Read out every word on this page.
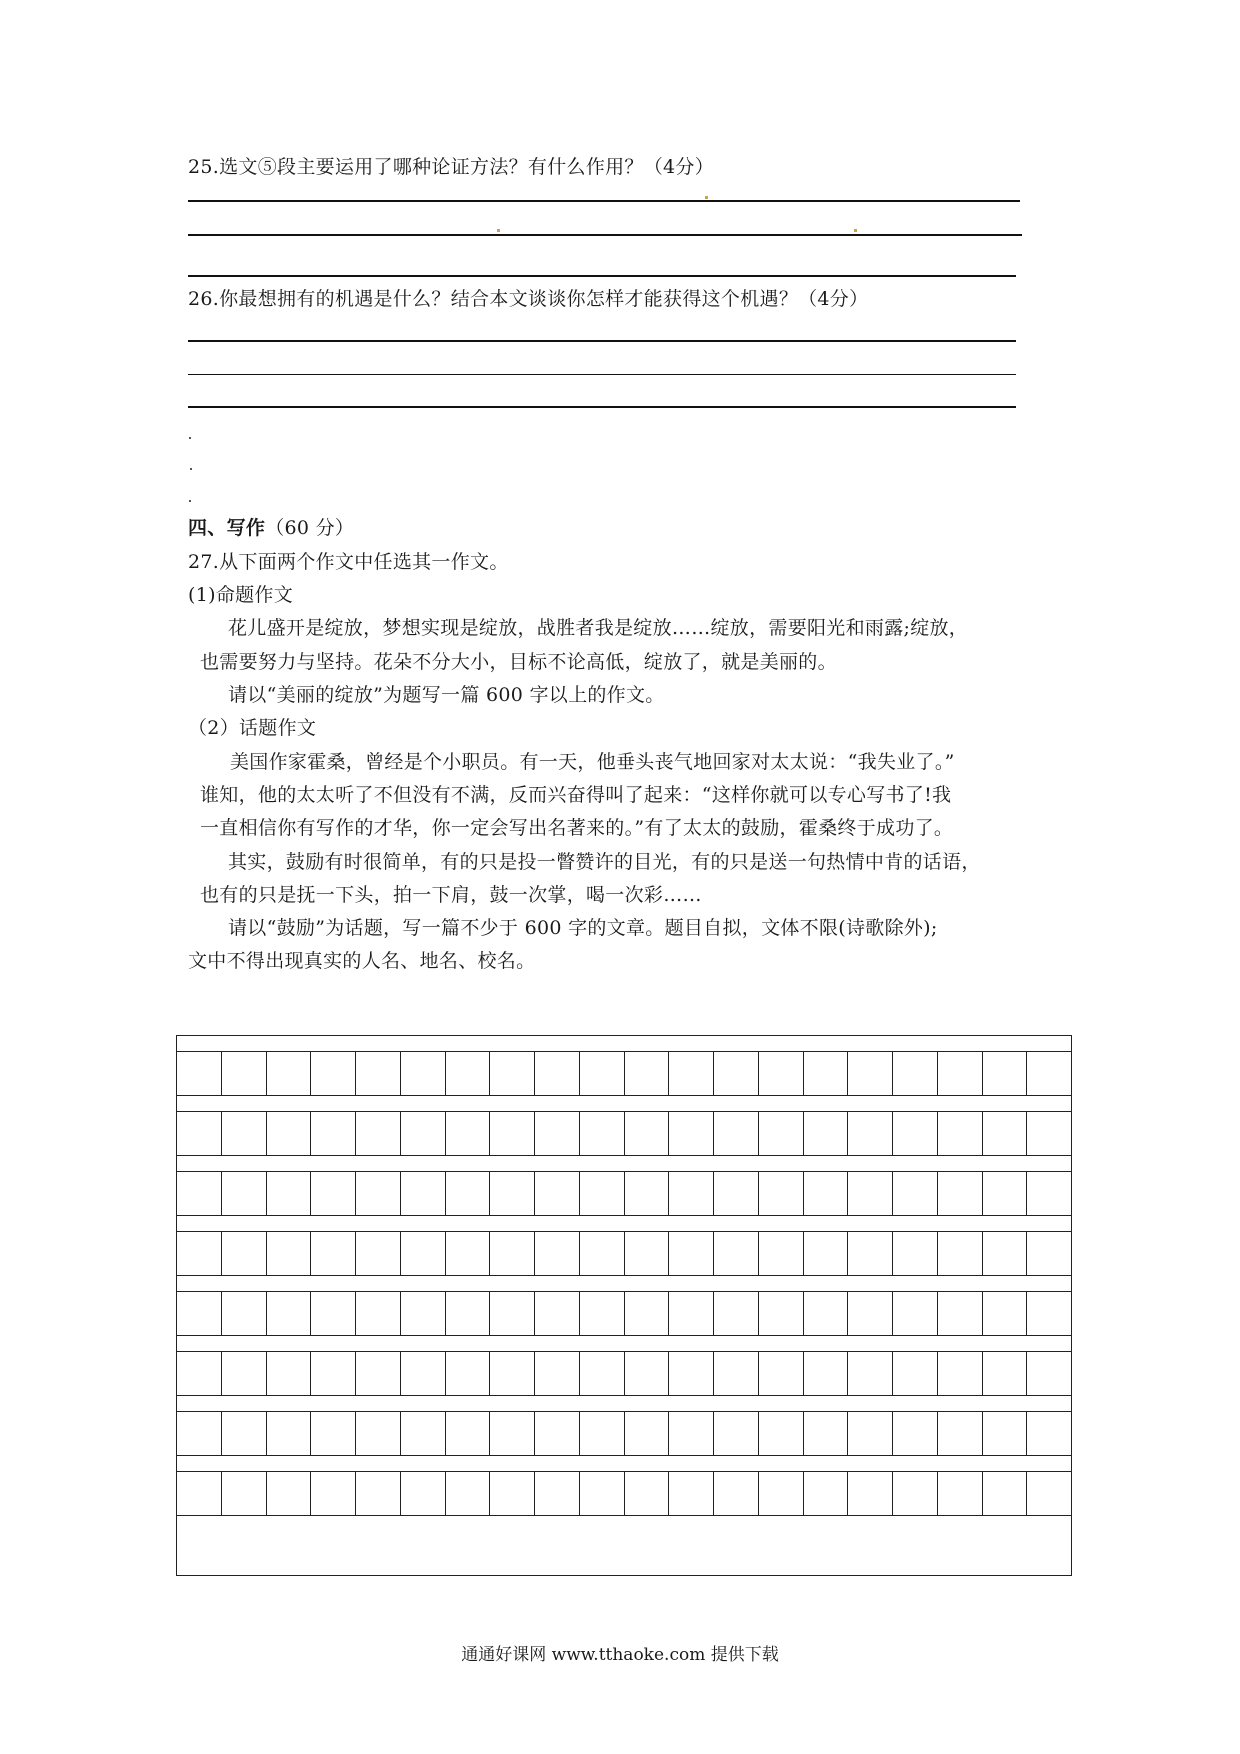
25.选文⑤段主要运用了哪种论证方法？有什么作用？（4分）
26.你最想拥有的机遇是什么？结合本文谈谈你怎样才能获得这个机遇？（4分）
四、写作（60 分）
27.从下面两个作文中任选其一作文。
(1)命题作文
花儿盛开是绽放，梦想实现是绽放，战胜者我是绽放……绽放，需要阳光和雨露;绽放，
也需要努力与坚持。花朵不分大小，目标不论高低，绽放了，就是美丽的。
请以“美丽的绽放”为题写一篇 600 字以上的作文。
（2）话题作文
美国作家霍桑，曾经是个小职员。有一天，他垂头丧气地回家对太太说：“我失业了。”
谁知，他的太太听了不但没有不满，反而兴奋得叫了起来：“这样你就可以专心写书了!我
一直相信你有写作的才华，你一定会写出名著来的。”有了太太的鼓励，霍桑终于成功了。
其实，鼓励有时很简单，有的只是投一瞥赞许的目光，有的只是送一句热情中肯的话语，
也有的只是抚一下头，拍一下肩，鼓一次掌，喝一次彩……
请以“鼓励”为话题，写一篇不少于 600 字的文章。题目自拟，文体不限(诗歌除外);
文中不得出现真实的人名、地名、校名。
通通好课网 www.tthaoke.com 提供下载
